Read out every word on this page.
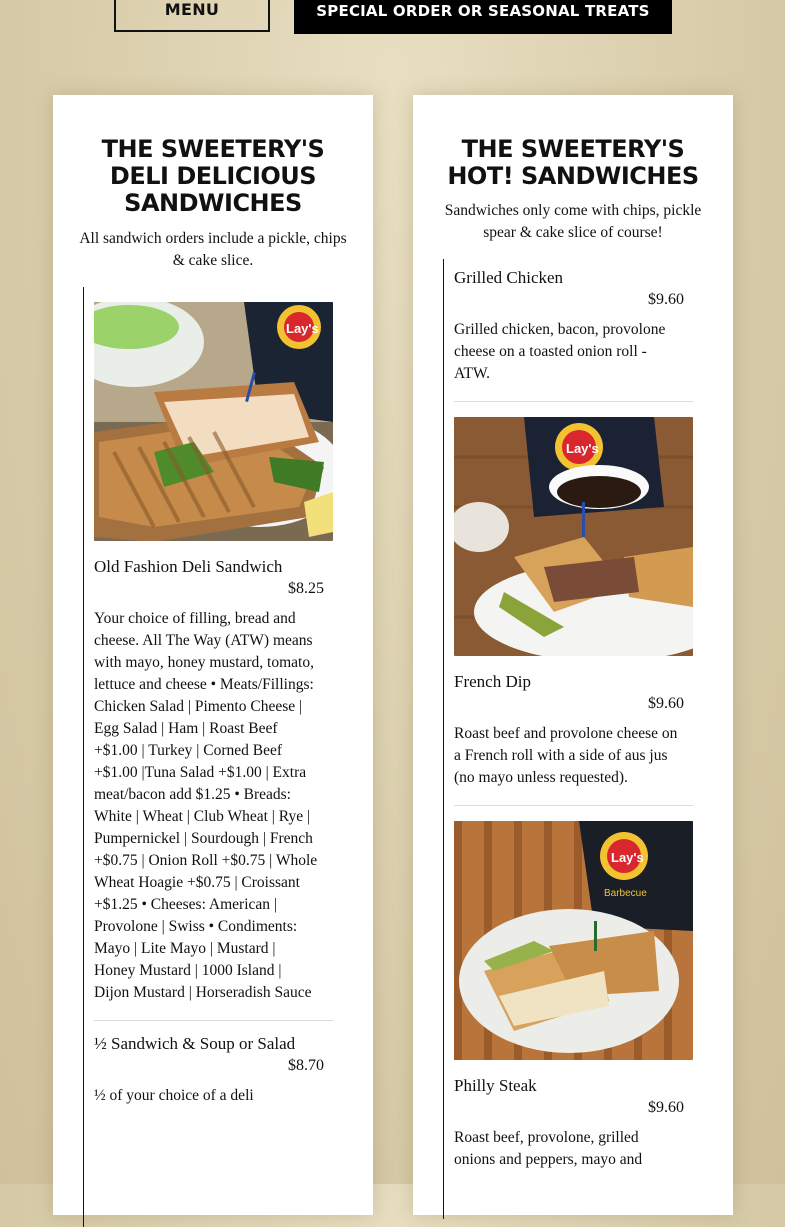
MENU	SPECIAL ORDER OR SEASONAL TREATS
THE SWEETERY'S DELI DELICIOUS SANDWICHES

All sandwich orders include a pickle, chips & cake slice.

Lay's

Old Fashion Deli Sandwich

$8.25

Your choice of filling, bread and cheese. All The Way (ATW) means with mayo, honey mustard, tomato, lettuce and cheese • Meats/Fillings: Chicken Salad | Pimento Cheese | Egg Salad | Ham | Roast Beef +$1.00 | Turkey | Corned Beef +$1.00 |Tuna Salad +$1.00 | Extra meat/bacon add $1.25 • Breads: White | Wheat | Club Wheat | Rye | Pumpernickel | Sourdough | French +$0.75 | Onion Roll +$0.75 | Whole Wheat Hoagie +$0.75 | Croissant +$1.25 • Cheeses: American | Provolone | Swiss • Condiments: Mayo | Lite Mayo | Mustard | Honey Mustard | 1000 Island | Dijon Mustard | Horseradish Sauce

½ Sandwich & Soup or Salad

$8.70

½ of your choice of a deli

THE SWEETERY'S HOT! SANDWICHES

Sandwiches only come with chips, pickle spear & cake slice of course!

Grilled Chicken

$9.60

Grilled chicken, bacon, provolone cheese on a toasted onion roll - ATW.

Lay's

French Dip

$9.60

Roast beef and provolone cheese on a French roll with a side of aus jus (no mayo unless requested).

Lay's
Barbecue

Philly Steak

$9.60

Roast beef, provolone, grilled onions and peppers, mayo and
